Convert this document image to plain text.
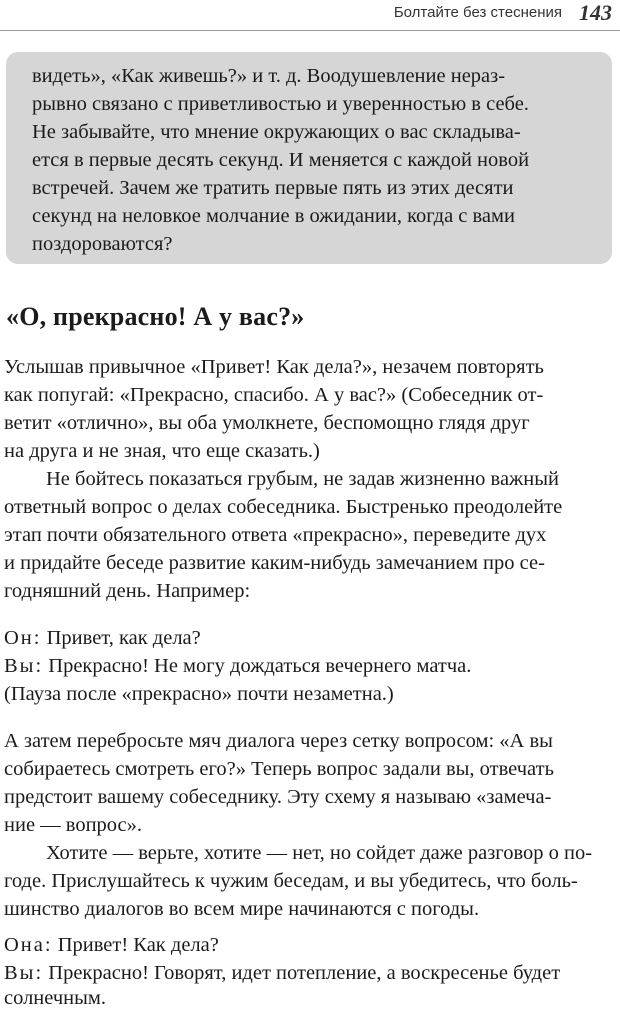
Болтайте без стеснения 143
видеть», «Как живешь?» и т. д. Воодушевление нераз-
рывно связано с приветливостью и уверенностью в себе.
Не забывайте, что мнение окружающих о вас складыва-
ется в первые десять секунд. И меняется с каждой новой
встречей. Зачем же тратить первые пять из этих десяти
секунд на неловкое молчание в ожидании, когда с вами
поздороваются?
«О, прекрасно! А у вас?»
Услышав привычное «Привет! Как дела?», незачем повторять
как попугай: «Прекрасно, спасибо. А у вас?» (Собеседник от-
ветит «отлично», вы оба умолкнете, беспомощно глядя друг
на друга и не зная, что еще сказать.)
Не бойтесь показаться грубым, не задав жизненно важный
ответный вопрос о делах собеседника. Быстренько преодолейте
этап почти обязательного ответа «прекрасно», переведите дух
и придайте беседе развитие каким-нибудь замечанием про се-
годняшний день. Например:
Он: Привет, как дела?
Вы: Прекрасно! Не могу дождаться вечернего матча.
(Пауза после «прекрасно» почти незаметна.)
А затем перебросьте мяч диалога через сетку вопросом: «А вы
собираетесь смотреть его?» Теперь вопрос задали вы, отвечать
предстоит вашему собеседнику. Эту схему я называю «замеча-
ние — вопрос».
Хотите — верьте, хотите — нет, но сойдет даже разговор о по-
годе. Прислушайтесь к чужим беседам, и вы убедитесь, что боль-
шинство диалогов во всем мире начинаются с погоды.
Она: Привет! Как дела?
Вы: Прекрасно! Говорят, идет потепление, а воскресенье будет
солнечным.
